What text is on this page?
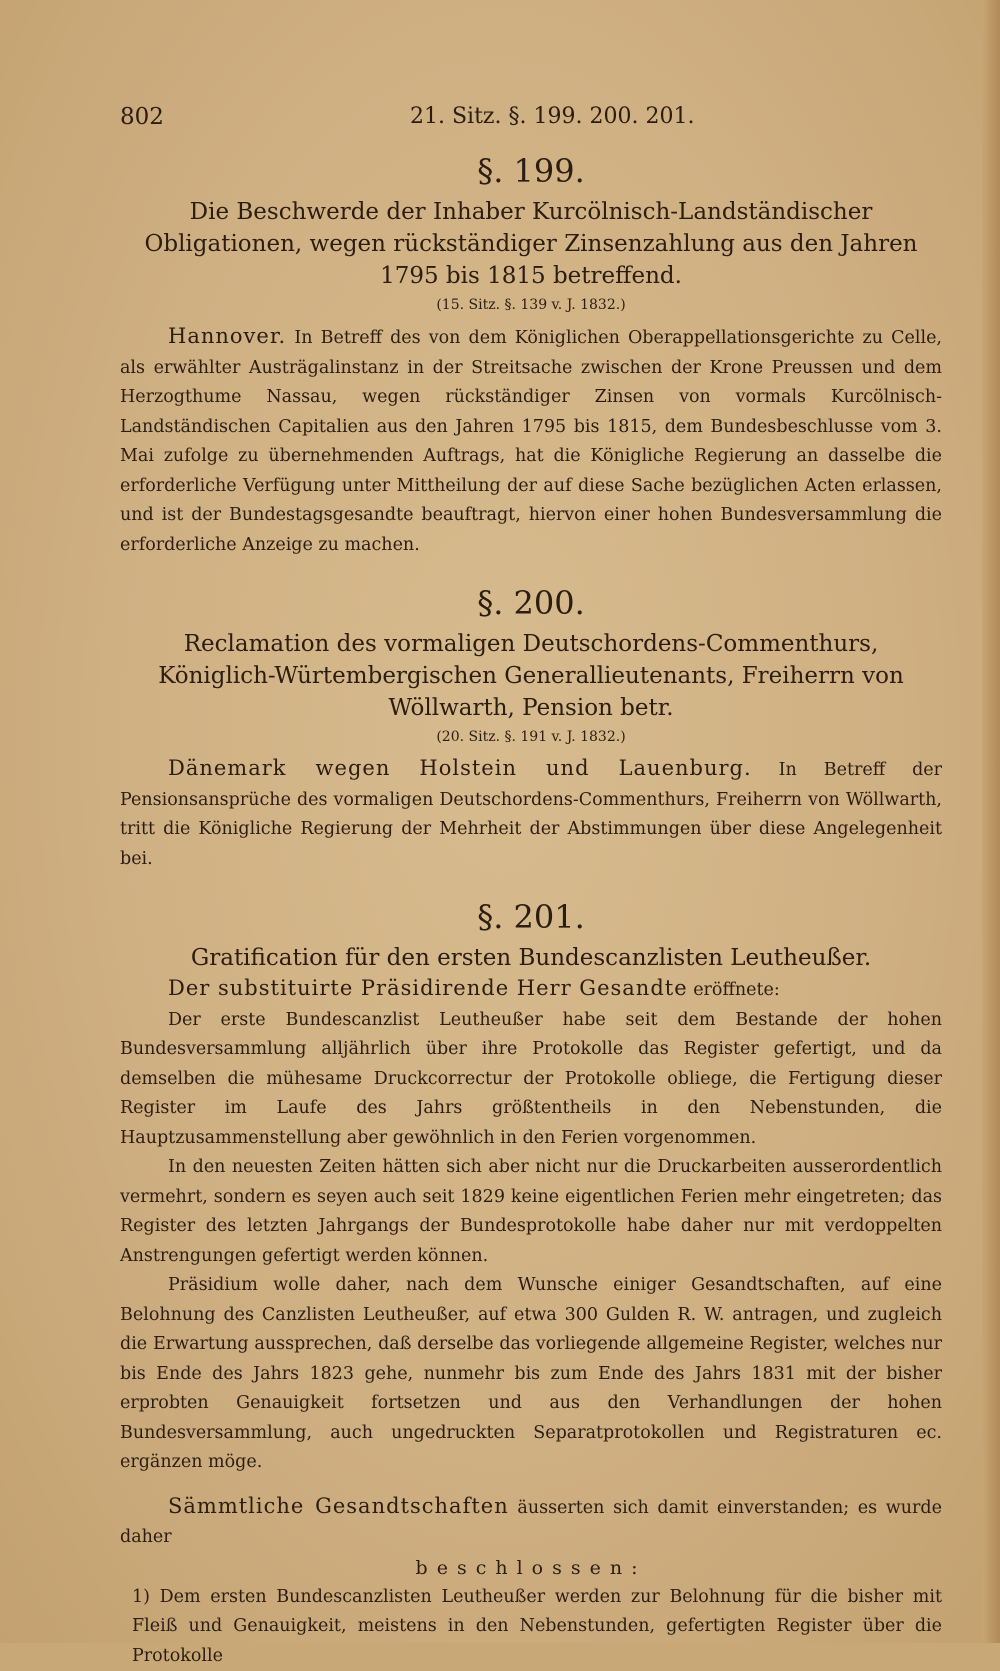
802	21. Sitz. §. 199. 200. 201.
§. 199.
Die Beschwerde der Inhaber Kurcölnisch-Landständischer Obligationen, wegen rückständiger Zinsenzahlung aus den Jahren 1795 bis 1815 betreffend.
(15. Sitz. §. 139 v. J. 1832.)

Hannover. In Betreff des von dem Königlichen Oberappellationsgerichte zu Celle, als erwählter Austrägalinstanz in der Streitsache zwischen der Krone Preussen und dem Herzogthume Nassau, wegen rückständiger Zinsen von vormals Kurcölnisch-Landständischen Capitalien aus den Jahren 1795 bis 1815, dem Bundesbeschlusse vom 3. Mai zufolge zu übernehmenden Auftrags, hat die Königliche Regierung an dasselbe die erforderliche Verfügung unter Mittheilung der auf diese Sache bezüglichen Acten erlassen, und ist der Bundestagsgesandte beauftragt, hiervon einer hohen Bundesversammlung die erforderliche Anzeige zu machen.

§. 200.
Reclamation des vormaligen Deutschordens-Commenthurs, Königlich-Würtembergischen Generallieutenants, Freiherrn von Wöllwarth, Pension betr.
(20. Sitz. §. 191 v. J. 1832.)

Dänemark wegen Holstein und Lauenburg. In Betreff der Pensionsansprüche des vormaligen Deutschordens-Commenthurs, Freiherrn von Wöllwarth, tritt die Königliche Regierung der Mehrheit der Abstimmungen über diese Angelegenheit bei.

§. 201.
Gratification für den ersten Bundescanzlisten Leutheußer.

Der substituirte Präsidirende Herr Gesandte eröffnete:

Der erste Bundescanzlist Leutheußer habe seit dem Bestande der hohen Bundesversammlung alljährlich über ihre Protokolle das Register gefertigt, und da demselben die mühesame Druckcorrectur der Protokolle obliege, die Fertigung dieser Register im Laufe des Jahrs größtentheils in den Nebenstunden, die Hauptzusammenstellung aber gewöhnlich in den Ferien vorgenommen.

In den neuesten Zeiten hätten sich aber nicht nur die Druckarbeiten ausserordentlich vermehrt, sondern es seyen auch seit 1829 keine eigentlichen Ferien mehr eingetreten; das Register des letzten Jahrgangs der Bundesprotokolle habe daher nur mit verdoppelten Anstrengungen gefertigt werden können.

Präsidium wolle daher, nach dem Wunsche einiger Gesandtschaften, auf eine Belohnung des Canzlisten Leutheußer, auf etwa 300 Gulden R. W. antragen, und zugleich die Erwartung aussprechen, daß derselbe das vorliegende allgemeine Register, welches nur bis Ende des Jahrs 1823 gehe, nunmehr bis zum Ende des Jahrs 1831 mit der bisher erprobten Genauigkeit fortsetzen und aus den Verhandlungen der hohen Bundesversammlung, auch ungedruckten Separatprotokollen und Registraturen ec. ergänzen möge.

Sämmtliche Gesandtschaften äusserten sich damit einverstanden; es wurde daher

beschlossen:

1) Dem ersten Bundescanzlisten Leutheußer werden zur Belohnung für die bisher mit Fleiß und Genauigkeit, meistens in den Nebenstunden, gefertigten Register über die Protokolle
